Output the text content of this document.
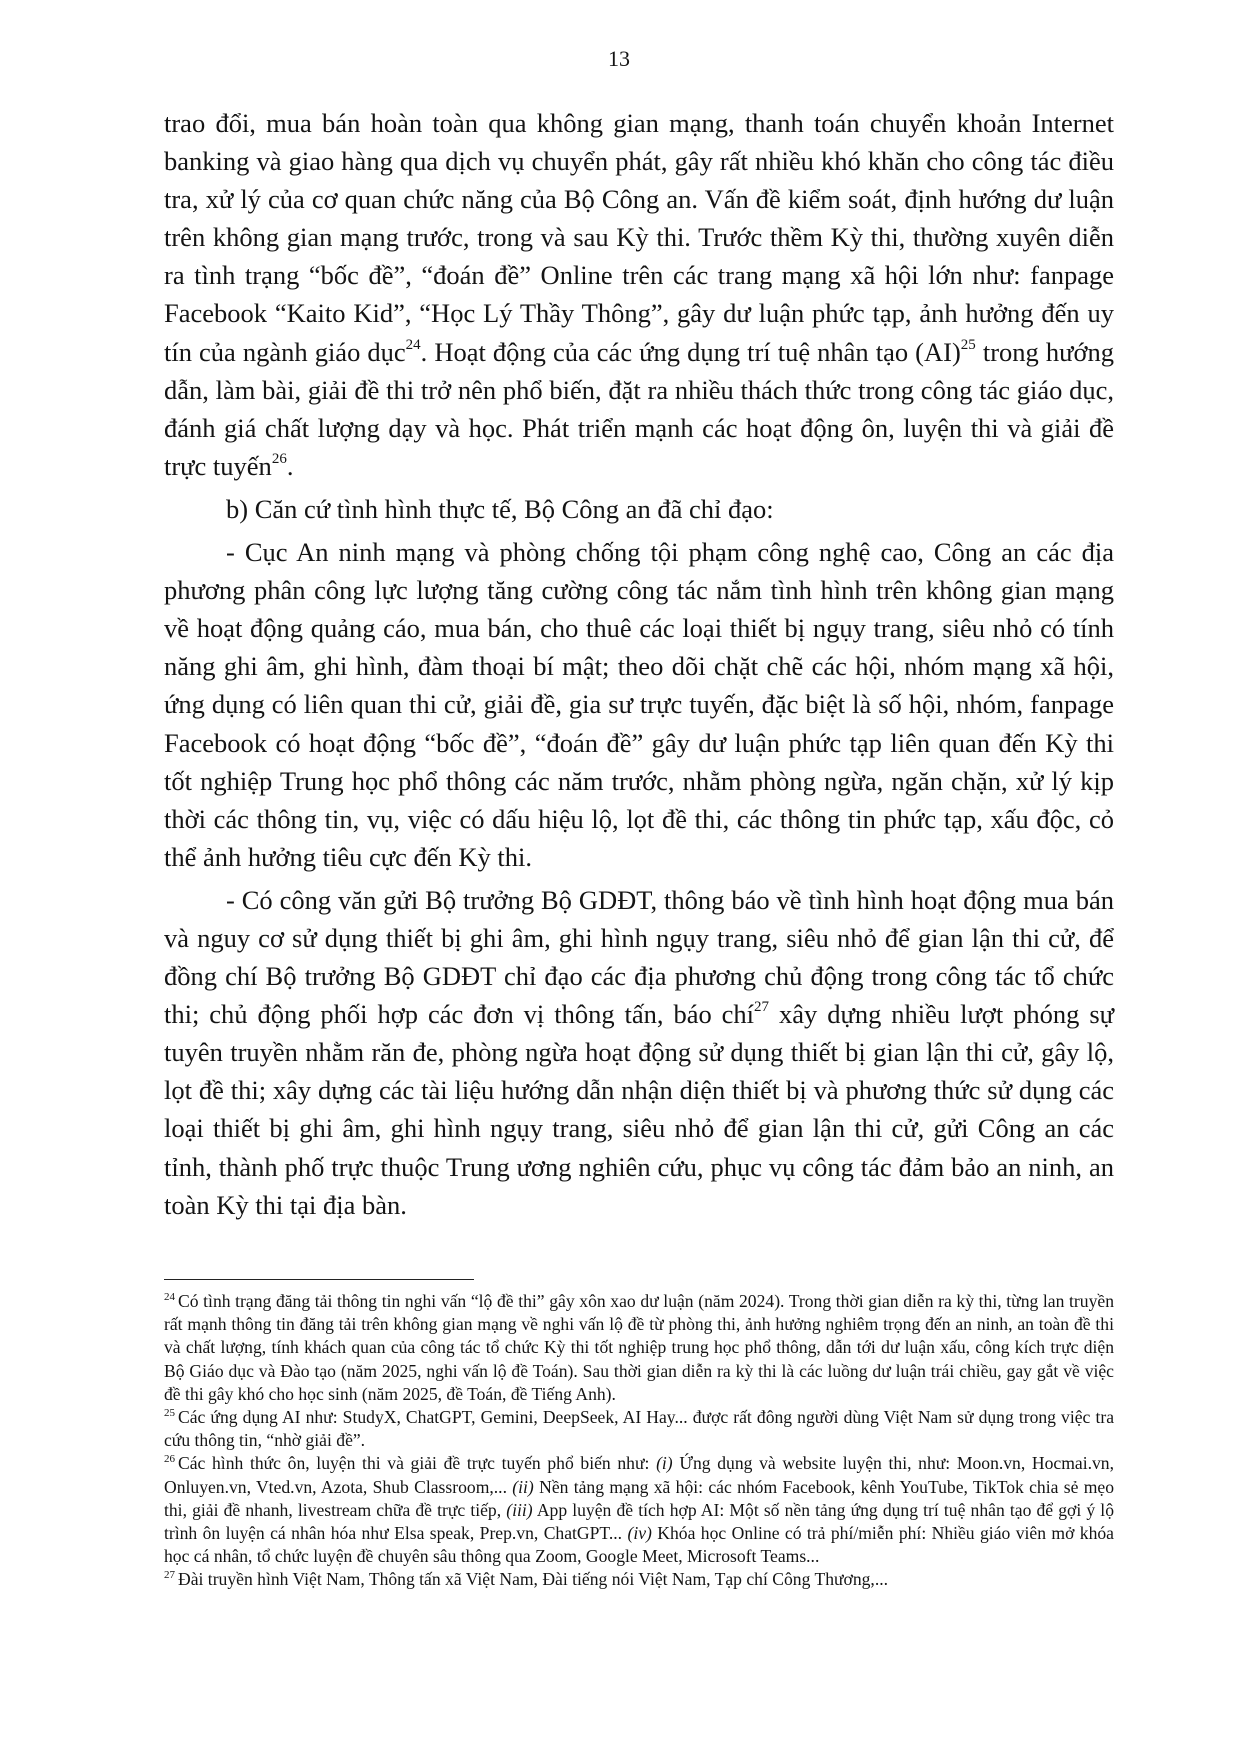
13

trao đổi, mua bán hoàn toàn qua không gian mạng, thanh toán chuyển khoản Internet banking và giao hàng qua dịch vụ chuyển phát, gây rất nhiều khó khăn cho công tác điều tra, xử lý của cơ quan chức năng của Bộ Công an. Vấn đề kiểm soát, định hướng dư luận trên không gian mạng trước, trong và sau Kỳ thi. Trước thềm Kỳ thi, thường xuyên diễn ra tình trạng “bốc đề”, “đoán đề” Online trên các trang mạng xã hội lớn như: fanpage Facebook “Kaito Kid”, “Học Lý Thầy Thông”, gây dư luận phức tạp, ảnh hưởng đến uy tín của ngành giáo dục$^{24}$. Hoạt động của các ứng dụng trí tuệ nhân tạo (AI)$^{25}$ trong hướng dẫn, làm bài, giải đề thi trở nên phổ biến, đặt ra nhiều thách thức trong công tác giáo dục, đánh giá chất lượng dạy và học. Phát triển mạnh các hoạt động ôn, luyện thi và giải đề trực tuyến$^{26}$.

b) Căn cứ tình hình thực tế, Bộ Công an đã chỉ đạo:

- Cục An ninh mạng và phòng chống tội phạm công nghệ cao, Công an các địa phương phân công lực lượng tăng cường công tác nắm tình hình trên không gian mạng về hoạt động quảng cáo, mua bán, cho thuê các loại thiết bị ngụy trang, siêu nhỏ có tính năng ghi âm, ghi hình, đàm thoại bí mật; theo dõi chặt chẽ các hội, nhóm mạng xã hội, ứng dụng có liên quan thi cử, giải đề, gia sư trực tuyến, đặc biệt là số hội, nhóm, fanpage Facebook có hoạt động “bốc đề”, “đoán đề” gây dư luận phức tạp liên quan đến Kỳ thi tốt nghiệp Trung học phổ thông các năm trước, nhằm phòng ngừa, ngăn chặn, xử lý kịp thời các thông tin, vụ, việc có dấu hiệu lộ, lọt đề thi, các thông tin phức tạp, xấu độc, cỏ thể ảnh hưởng tiêu cực đến Kỳ thi.

- Có công văn gửi Bộ trưởng Bộ GDĐT, thông báo về tình hình hoạt động mua bán và nguy cơ sử dụng thiết bị ghi âm, ghi hình ngụy trang, siêu nhỏ để gian lận thi cử, để đồng chí Bộ trưởng Bộ GDĐT chỉ đạo các địa phương chủ động trong công tác tổ chức thi; chủ động phối hợp các đơn vị thông tấn, báo chí$^{27}$ xây dựng nhiều lượt phóng sự tuyên truyền nhằm răn đe, phòng ngừa hoạt động sử dụng thiết bị gian lận thi cử, gây lộ, lọt đề thi; xây dựng các tài liệu hướng dẫn nhận diện thiết bị và phương thức sử dụng các loại thiết bị ghi âm, ghi hình ngụy trang, siêu nhỏ để gian lận thi cử, gửi Công an các tỉnh, thành phố trực thuộc Trung ương nghiên cứu, phục vụ công tác đảm bảo an ninh, an toàn Kỳ thi tại địa bàn.

$^{24}$ Có tình trạng đăng tải thông tin nghi vấn “lộ đề thi” gây xôn xao dư luận (năm 2024). Trong thời gian diễn ra kỳ thi, từng lan truyền rất mạnh thông tin đăng tải trên không gian mạng về nghi vấn lộ đề từ phòng thi, ảnh hưởng nghiêm trọng đến an ninh, an toàn đề thi và chất lượng, tính khách quan của công tác tổ chức Kỳ thi tốt nghiệp trung học phổ thông, dẫn tới dư luận xấu, công kích trực diện Bộ Giáo dục và Đào tạo (năm 2025, nghi vấn lộ đề Toán). Sau thời gian diễn ra kỳ thi là các luồng dư luận trái chiều, gay gắt về việc đề thi gây khó cho học sinh (năm 2025, đề Toán, đề Tiếng Anh).

$^{25}$ Các ứng dụng AI như: StudyX, ChatGPT, Gemini, DeepSeek, AI Hay... được rất đông người dùng Việt Nam sử dụng trong việc tra cứu thông tin, “nhờ giải đề”.

$^{26}$ Các hình thức ôn, luyện thi và giải đề trực tuyến phổ biến như: (i) Ứng dụng và website luyện thi, như: Moon.vn, Hocmai.vn, Onluyen.vn, Vted.vn, Azota, Shub Classroom,... (ii) Nền tảng mạng xã hội: các nhóm Facebook, kênh YouTube, TikTok chia sẻ mẹo thi, giải đề nhanh, livestream chữa đề trực tiếp, (iii) App luyện đề tích hợp AI: Một số nền tảng ứng dụng trí tuệ nhân tạo để gợi ý lộ trình ôn luyện cá nhân hóa như Elsa speak, Prep.vn, ChatGPT... (iv) Khóa học Online có trả phí/miễn phí: Nhiều giáo viên mở khóa học cá nhân, tổ chức luyện đề chuyên sâu thông qua Zoom, Google Meet, Microsoft Teams...

$^{27}$ Đài truyền hình Việt Nam, Thông tấn xã Việt Nam, Đài tiếng nói Việt Nam, Tạp chí Công Thương,...
